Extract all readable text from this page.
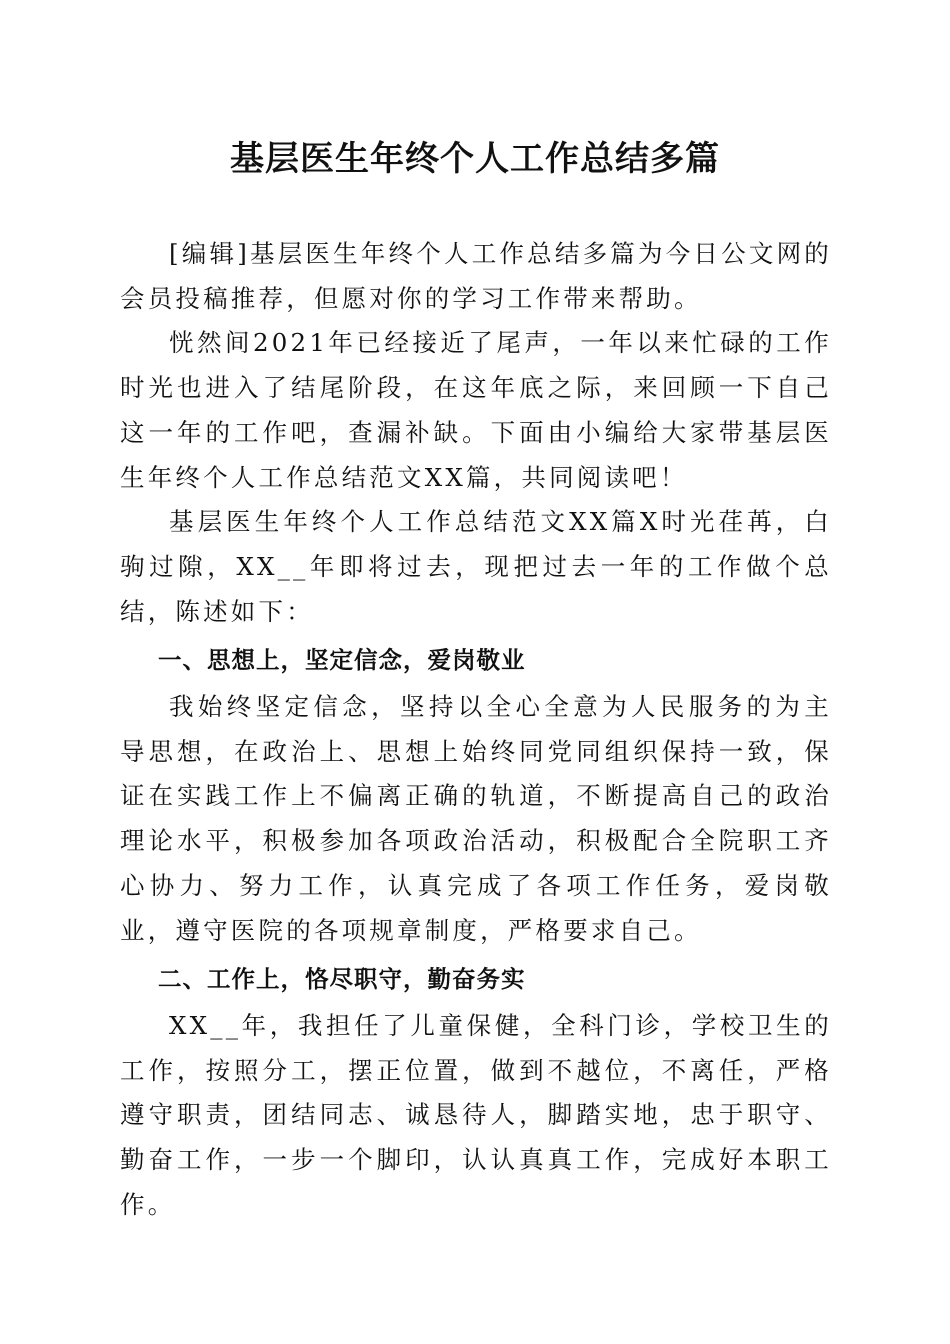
基层医生年终个人工作总结多篇

[编辑]基层医生年终个人工作总结多篇为今日公文网的会员投稿推荐，但愿对你的学习工作带来帮助。

恍然间2021年已经接近了尾声，一年以来忙碌的工作时光也进入了结尾阶段，在这年底之际，来回顾一下自己这一年的工作吧，查漏补缺。下面由小编给大家带基层医生年终个人工作总结范文XX篇，共同阅读吧！

基层医生年终个人工作总结范文XX篇X时光荏苒，白驹过隙，XX__年即将过去，现把过去一年的工作做个总结，陈述如下：

一、思想上，坚定信念，爱岗敬业

我始终坚定信念，坚持以全心全意为人民服务的为主导思想，在政治上、思想上始终同党同组织保持一致，保证在实践工作上不偏离正确的轨道，不断提高自己的政治理论水平，积极参加各项政治活动，积极配合全院职工齐心协力、努力工作，认真完成了各项工作任务，爱岗敬业，遵守医院的各项规章制度，严格要求自己。

二、工作上，恪尽职守，勤奋务实

XX__年，我担任了儿童保健，全科门诊，学校卫生的工作，按照分工，摆正位置，做到不越位，不离任，严格遵守职责，团结同志、诚恳待人，脚踏实地，忠于职守、勤奋工作，一步一个脚印，认认真真工作，完成好本职工作。
